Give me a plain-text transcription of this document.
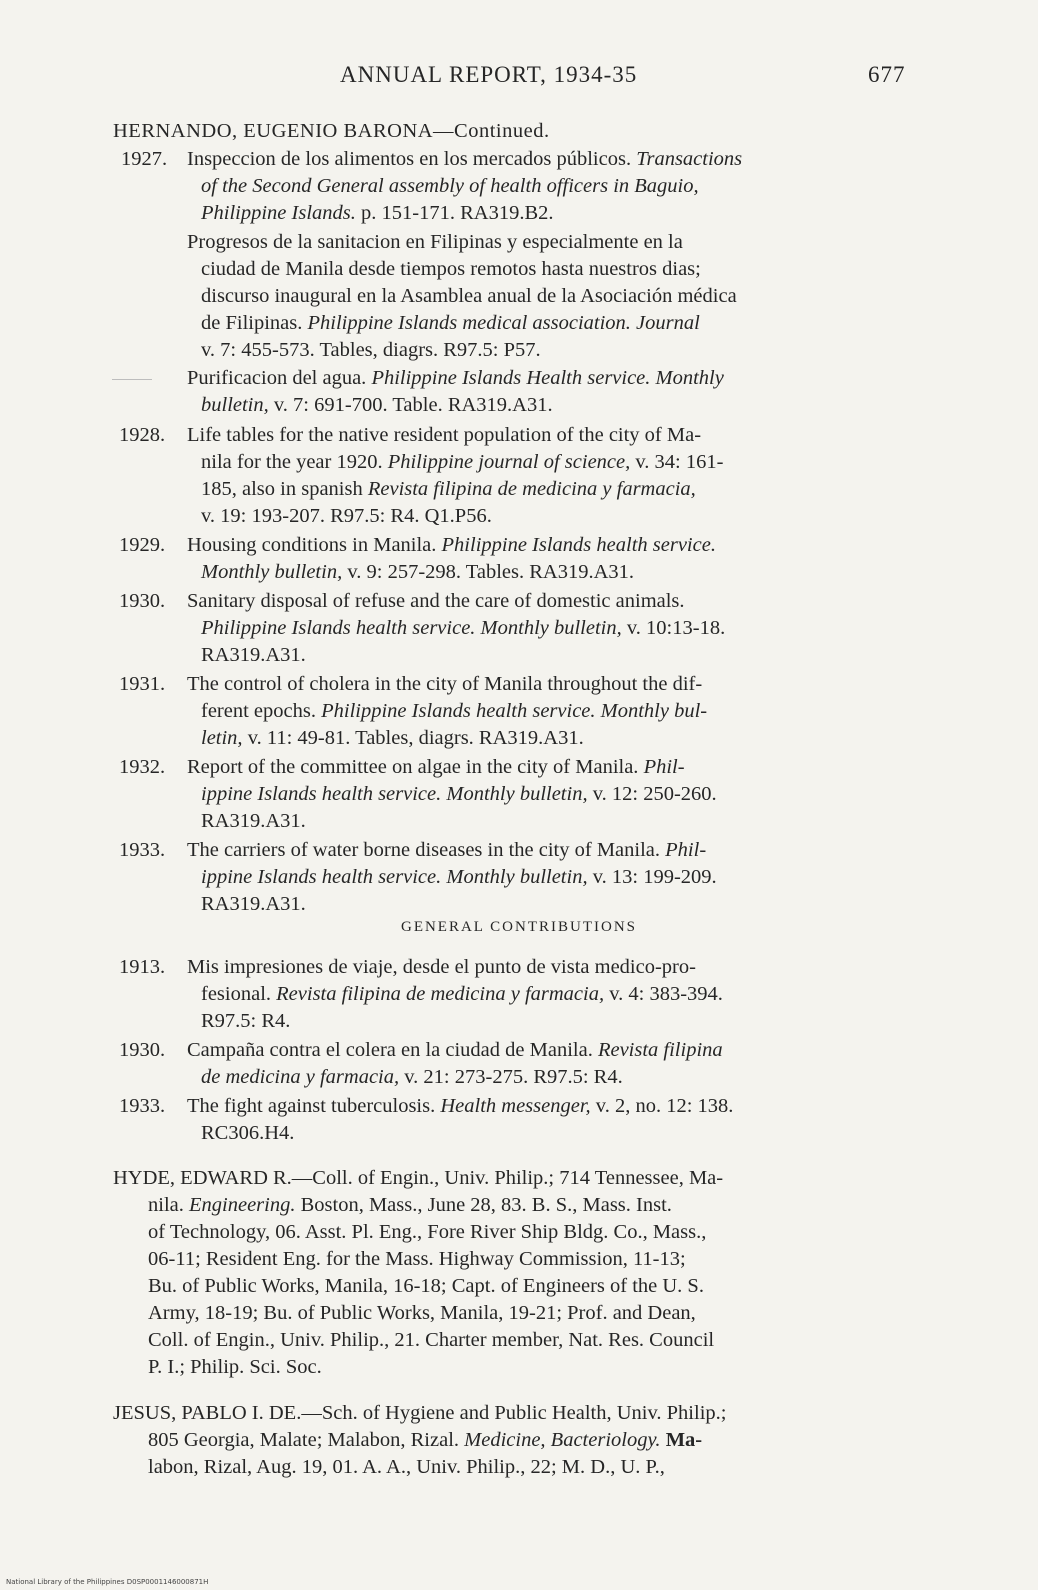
ANNUAL REPORT, 1934-35	677
HERNANDO, EUGENIO BARONA—Continued.
1927. Inspeccion de los alimentos en los mercados públicos. Transactions
of the Second General assembly of health officers in Baguio,
Philippine Islands. p. 151-171. RA319.B2.
Progresos de la sanitacion en Filipinas y especialmente en la
ciudad de Manila desde tiempos remotos hasta nuestros dias;
discurso inaugural en la Asamblea anual de la Asociación médica
de Filipinas. Philippine Islands medical association. Journal
v. 7: 455-573. Tables, diagrs. R97.5: P57.
Purificacion del agua. Philippine Islands Health service. Monthly
bulletin, v. 7: 691-700. Table. RA319.A31.
1928. Life tables for the native resident population of the city of Ma-
nila for the year 1920. Philippine journal of science, v. 34: 161-
185, also in spanish Revista filipina de medicina y farmacia,
v. 19: 193-207. R97.5: R4. Q1.P56.
1929. Housing conditions in Manila. Philippine Islands health service.
Monthly bulletin, v. 9: 257-298. Tables. RA319.A31.
1930. Sanitary disposal of refuse and the care of domestic animals.
Philippine Islands health service. Monthly bulletin, v. 10:13-18.
RA319.A31.
1931. The control of cholera in the city of Manila throughout the dif-
ferent epochs. Philippine Islands health service. Monthly bul-
letin, v. 11: 49-81. Tables, diagrs. RA319.A31.
1932. Report of the committee on algae in the city of Manila. Phil-
ippine Islands health service. Monthly bulletin, v. 12: 250-260.
RA319.A31.
1933. The carriers of water borne diseases in the city of Manila. Phil-
ippine Islands health service. Monthly bulletin, v. 13: 199-209.
RA319.A31.
GENERAL CONTRIBUTIONS
1913. Mis impresiones de viaje, desde el punto de vista medico-pro-
fesional. Revista filipina de medicina y farmacia, v. 4: 383-394.
R97.5: R4.
1930. Campaña contra el colera en la ciudad de Manila. Revista filipina
de medicina y farmacia, v. 21: 273-275. R97.5: R4.
1933. The fight against tuberculosis. Health messenger, v. 2, no. 12: 138.
RC306.H4.
HYDE, EDWARD R.—Coll. of Engin., Univ. Philip.; 714 Tennessee, Ma-
nila. Engineering. Boston, Mass., June 28, 83. B. S., Mass. Inst.
of Technology, 06. Asst. Pl. Eng., Fore River Ship Bldg. Co., Mass.,
06-11; Resident Eng. for the Mass. Highway Commission, 11-13;
Bu. of Public Works, Manila, 16-18; Capt. of Engineers of the U. S.
Army, 18-19; Bu. of Public Works, Manila, 19-21; Prof. and Dean,
Coll. of Engin., Univ. Philip., 21. Charter member, Nat. Res. Council
P. I.; Philip. Sci. Soc.
JESUS, PABLO I. DE.—Sch. of Hygiene and Public Health, Univ. Philip.;
805 Georgia, Malate; Malabon, Rizal. Medicine, Bacteriology. Ma-
labon, Rizal, Aug. 19, 01. A. A., Univ. Philip., 22; M. D., U. P.,
National Library of the Philippines D0SP0001146000871H
